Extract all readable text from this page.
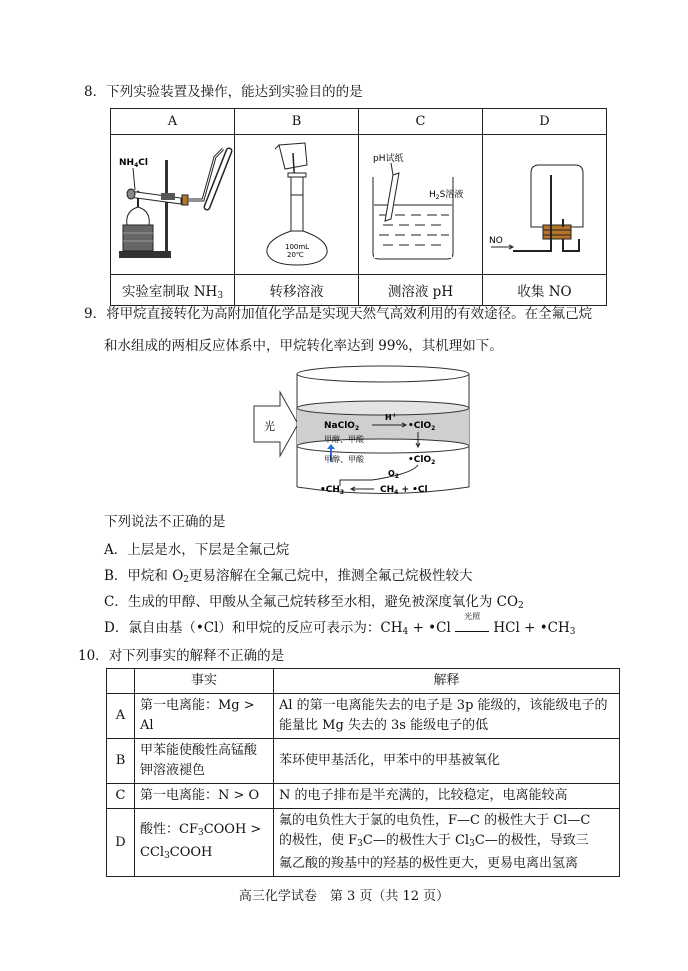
8．下列实验装置及操作，能达到实验目的的是
A	B	C	D

$NH_4Cl$	100mL
20℃	pH试纸
$H_2S$溶液	NO

实验室制取 $NH_3$	转移溶液	测溶液 pH	收集 NO
9．将甲烷直接转化为高附加值化学品是实现天然气高效利用的有效途径。在全氟己烷
和水组成的两相反应体系中，甲烷转化率达到 99%，其机理如下。
光	NaClO$_2$
H+
•ClO$_2$
甲醇、甲酸
甲醇、甲酸	•ClO$_2$
$O_2$
$•CH_3$	$CH_4$ + •Cl
下列说法不正确的是
A．上层是水，下层是全氟己烷
B．甲烷和 $O_2$更易溶解在全氟己烷中，推测全氟己烷极性较大
C．生成的甲醇、甲酸从全氟己烷转移至水相，避免被深度氧化为 $CO_2$
D．氯自由基（•Cl）和甲烷的反应可表示为：$CH_4$ + •Cl
光照
HCl + $•CH_3$
10．对下列事实的解释不正确的是
	事实	解释
A	第一电离能：Mg > Al	Al 的第一电离能失去的电子是 3p 能级的，该能级电子的能量比 Mg 失去的 3s 能级电子的低
B	甲苯能使酸性高锰酸钾溶液褪色	苯环使甲基活化，甲苯中的甲基被氧化
C	第一电离能：N > O	N 的电子排布是半充满的，比较稳定，电离能较高
D	酸性：$CF_3COOH$ > CCl$_3$COOH	氟的电负性大于氯的电负性，F—C 的极性大于 Cl—C
的极性，使 $F_3C—$的极性大于 $Cl_3C—$的极性，导致三
氟乙酸的羧基中的羟基的极性更大，更易电离出氢离
高三化学试卷　第 3 页（共 12 页）
